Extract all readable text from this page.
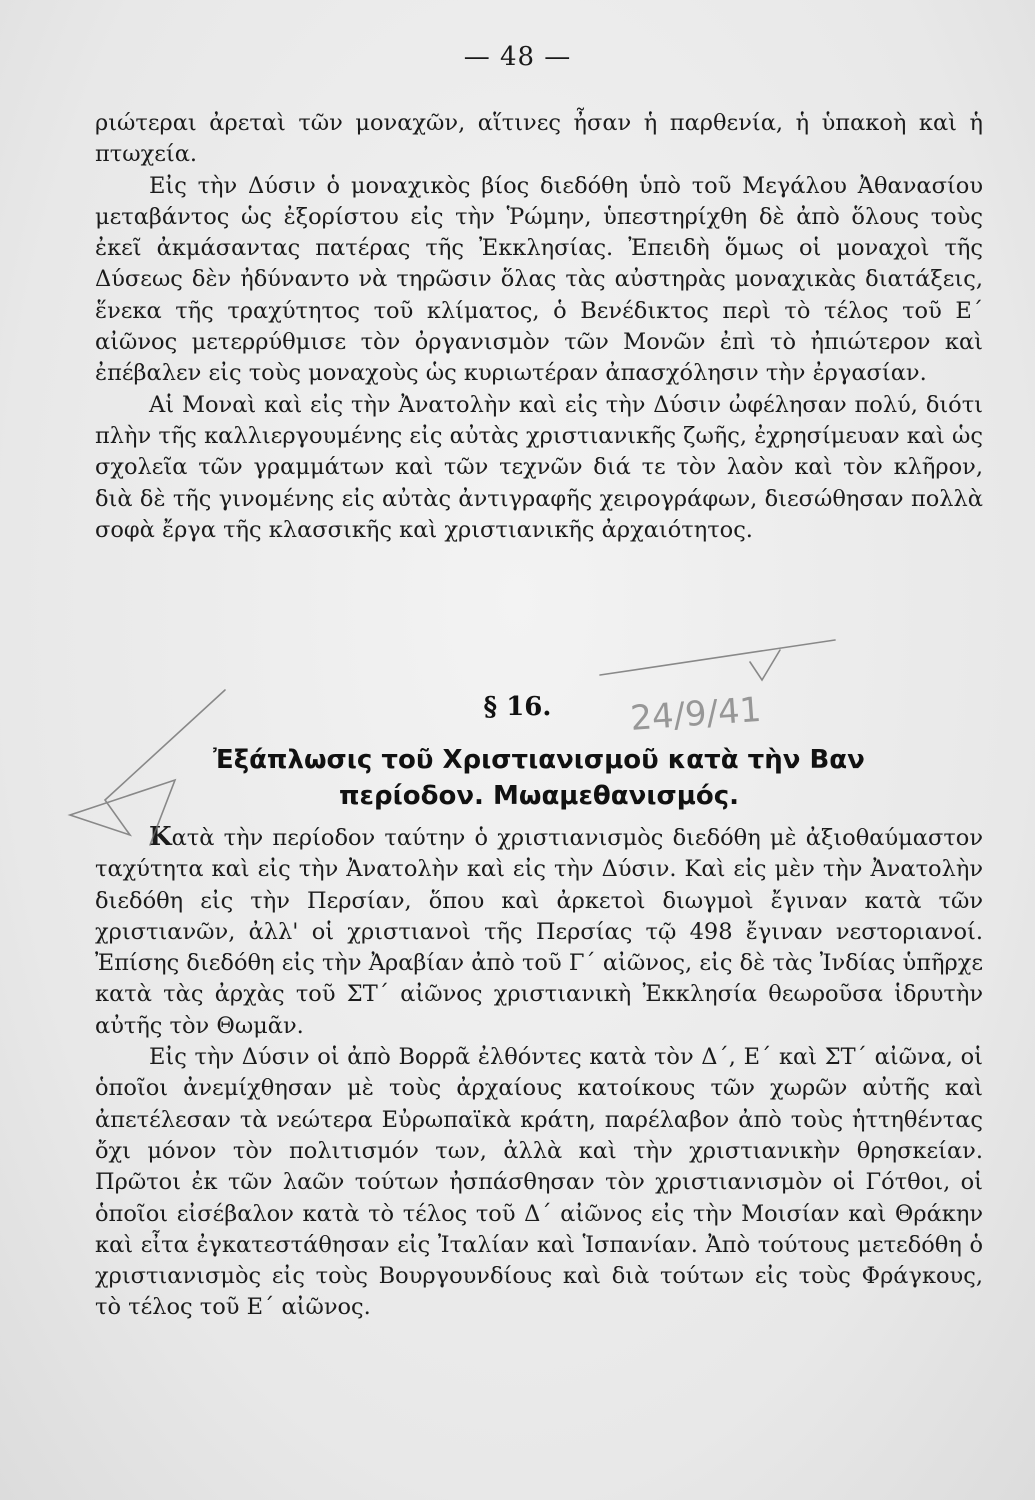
— 48 —

ριώτεραι ἀρεταὶ τῶν μοναχῶν, αἵτινες ἦσαν ἡ παρθενία, ἡ ὑπακοὴ καὶ ἡ πτωχεία.

Εἰς τὴν Δύσιν ὁ μοναχικὸς βίος διεδόθη ὑπὸ τοῦ Μεγάλου Ἀθανασίου μεταβάντος ὡς ἐξορίστου εἰς τὴν Ῥώμην, ὑπεστηρίχθη δὲ ἀπὸ ὅλους τοὺς ἐκεῖ ἀκμάσαντας πατέρας τῆς Ἐκκλησίας. Ἐπειδὴ ὅμως οἱ μοναχοὶ τῆς Δύσεως δὲν ἠδύναντο νὰ τηρῶσιν ὅλας τὰς αὐστηρὰς μοναχικὰς διατάξεις, ἕνεκα τῆς τραχύτητος τοῦ κλίματος, ὁ Βενέδικτος περὶ τὸ τέλος τοῦ Ε΄ αἰῶνος μετερρύθμισε τὸν ὀργανισμὸν τῶν Μονῶν ἐπὶ τὸ ἠπιώτερον καὶ ἐπέβαλεν εἰς τοὺς μοναχοὺς ὡς κυριωτέραν ἀπασχόλησιν τὴν ἐργασίαν.

Αἱ Μοναὶ καὶ εἰς τὴν Ἀνατολὴν καὶ εἰς τὴν Δύσιν ὠφέλησαν πολύ, διότι πλὴν τῆς καλλιεργουμένης εἰς αὐτὰς χριστιανικῆς ζωῆς, ἐχρησίμευαν καὶ ὡς σχολεῖα τῶν γραμμάτων καὶ τῶν τεχνῶν διά τε τὸν λαὸν καὶ τὸν κλῆρον, διὰ δὲ τῆς γινομένης εἰς αὐτὰς ἀντιγραφῆς χειρογράφων, διεσώθησαν πολλὰ σοφὰ ἔργα τῆς κλασσικῆς καὶ χριστιανικῆς ἀρχαιότητος.

§ 16.
Ἐξάπλωσις τοῦ Χριστιανισμοῦ κατὰ τὴν Βαν
περίοδον. Μωαμεθανισμός.

Κατὰ τὴν περίοδον ταύτην ὁ χριστιανισμὸς διεδόθη μὲ ἀξιοθαύμαστον ταχύτητα καὶ εἰς τὴν Ἀνατολὴν καὶ εἰς τὴν Δύσιν. Καὶ εἰς μὲν τὴν Ἀνατολὴν διεδόθη εἰς τὴν Περσίαν, ὅπου καὶ ἀρκετοὶ διωγμοὶ ἔγιναν κατὰ τῶν χριστιανῶν, ἀλλ' οἱ χριστιανοὶ τῆς Περσίας τῷ 498 ἔγιναν νεστοριανοί. Ἐπίσης διεδόθη εἰς τὴν Ἀραβίαν ἀπὸ τοῦ Γ΄ αἰῶνος, εἰς δὲ τὰς Ἰνδίας ὑπῆρχε κατὰ τὰς ἀρχὰς τοῦ ΣΤ΄ αἰῶνος χριστιανικὴ Ἐκκλησία θεωροῦσα ἱδρυτὴν αὐτῆς τὸν Θωμᾶν.

Εἰς τὴν Δύσιν οἱ ἀπὸ Βορρᾶ ἐλθόντες κατὰ τὸν Δ΄, Ε΄ καὶ ΣΤ΄ αἰῶνα, οἱ ὁποῖοι ἀνεμίχθησαν μὲ τοὺς ἀρχαίους κατοίκους τῶν χωρῶν αὐτῆς καὶ ἀπετέλεσαν τὰ νεώτερα Εὐρωπαϊκὰ κράτη, παρέλαβον ἀπὸ τοὺς ἡττηθέντας ὄχι μόνον τὸν πολιτισμόν των, ἀλλὰ καὶ τὴν χριστιανικὴν θρησκείαν. Πρῶτοι ἐκ τῶν λαῶν τούτων ἠσπάσθησαν τὸν χριστιανισμὸν οἱ Γότθοι, οἱ ὁποῖοι εἰσέβαλον κατὰ τὸ τέλος τοῦ Δ΄ αἰῶνος εἰς τὴν Μοισίαν καὶ Θράκην καὶ εἶτα ἐγκατεστάθησαν εἰς Ἰταλίαν καὶ Ἱσπανίαν. Ἀπὸ τούτους μετεδόθη ὁ χριστιανισμὸς εἰς τοὺς Βουργουνδίους καὶ διὰ τούτων εἰς τοὺς Φράγκους, τὸ τέλος τοῦ Ε΄ αἰῶνος.

24/9/41
